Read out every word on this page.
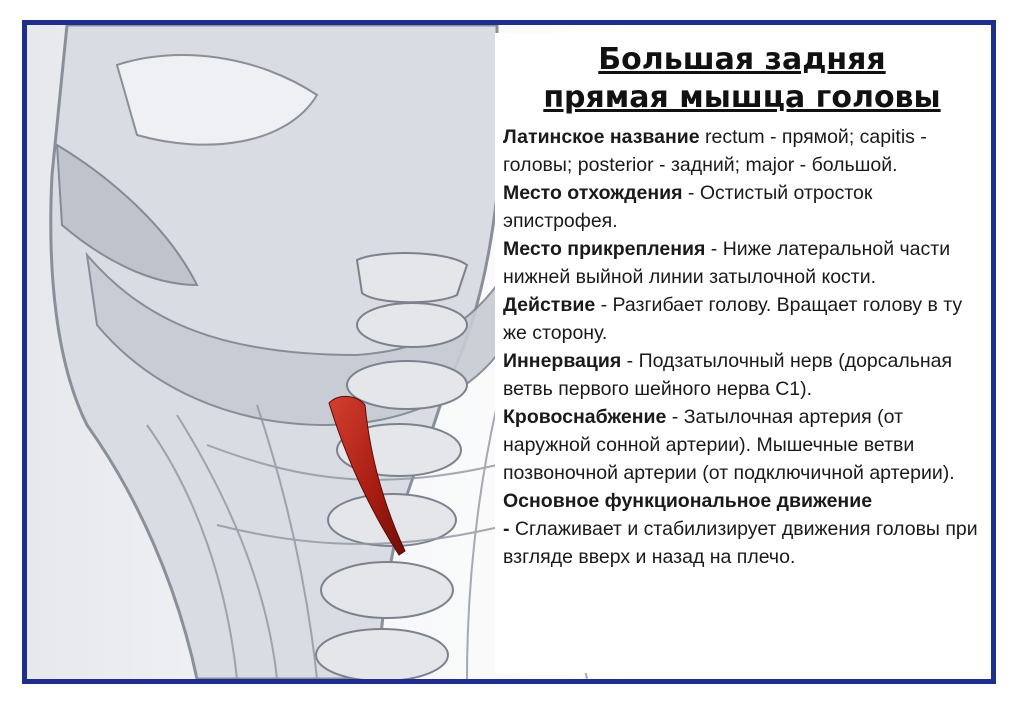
Большая задняя
прямая мышца головы

Латинское название rectum - прямой; capitis - головы; posterior - задний; major - большой.

Место отхождения - Остистый отросток эпистрофея.

Место прикрепления - Ниже латеральной части нижней выйной линии затылочной кости.

Действие - Разгибает голову. Вращает голову в ту же сторону.

Иннервация - Подзатылочный нерв (дорсальная ветвь первого шейного нерва С1).

Кровоснабжение - Затылочная артерия (от наружной сонной артерии). Мышечные ветви позвоночной артерии (от подключичной артерии).

Основное функциональное движение
- Сглаживает и стабилизирует движения головы при взгляде вверх и назад на плечо.
